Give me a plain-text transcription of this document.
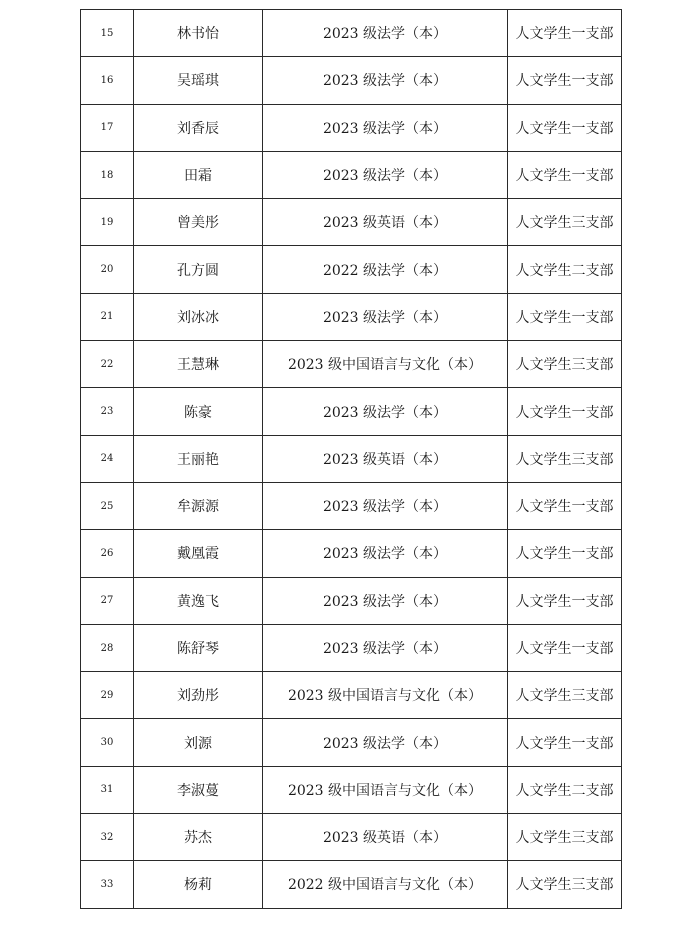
15	林书怡	2023 级法学（本）	人文学生一支部
16	吴瑶琪	2023 级法学（本）	人文学生一支部
17	刘香辰	2023 级法学（本）	人文学生一支部
18	田霜	2023 级法学（本）	人文学生一支部
19	曾美彤	2023 级英语（本）	人文学生三支部
20	孔方圆	2022 级法学（本）	人文学生二支部
21	刘冰冰	2023 级法学（本）	人文学生一支部
22	王慧琳	2023 级中国语言与文化（本）	人文学生三支部
23	陈豪	2023 级法学（本）	人文学生一支部
24	王丽艳	2023 级英语（本）	人文学生三支部
25	牟源源	2023 级法学（本）	人文学生一支部
26	戴凰霞	2023 级法学（本）	人文学生一支部
27	黄逸飞	2023 级法学（本）	人文学生一支部
28	陈舒琴	2023 级法学（本）	人文学生一支部
29	刘劲彤	2023 级中国语言与文化（本）	人文学生三支部
30	刘源	2023 级法学（本）	人文学生一支部
31	李淑蔓	2023 级中国语言与文化（本）	人文学生二支部
32	苏杰	2023 级英语（本）	人文学生三支部
33	杨莉	2022 级中国语言与文化（本）	人文学生三支部
